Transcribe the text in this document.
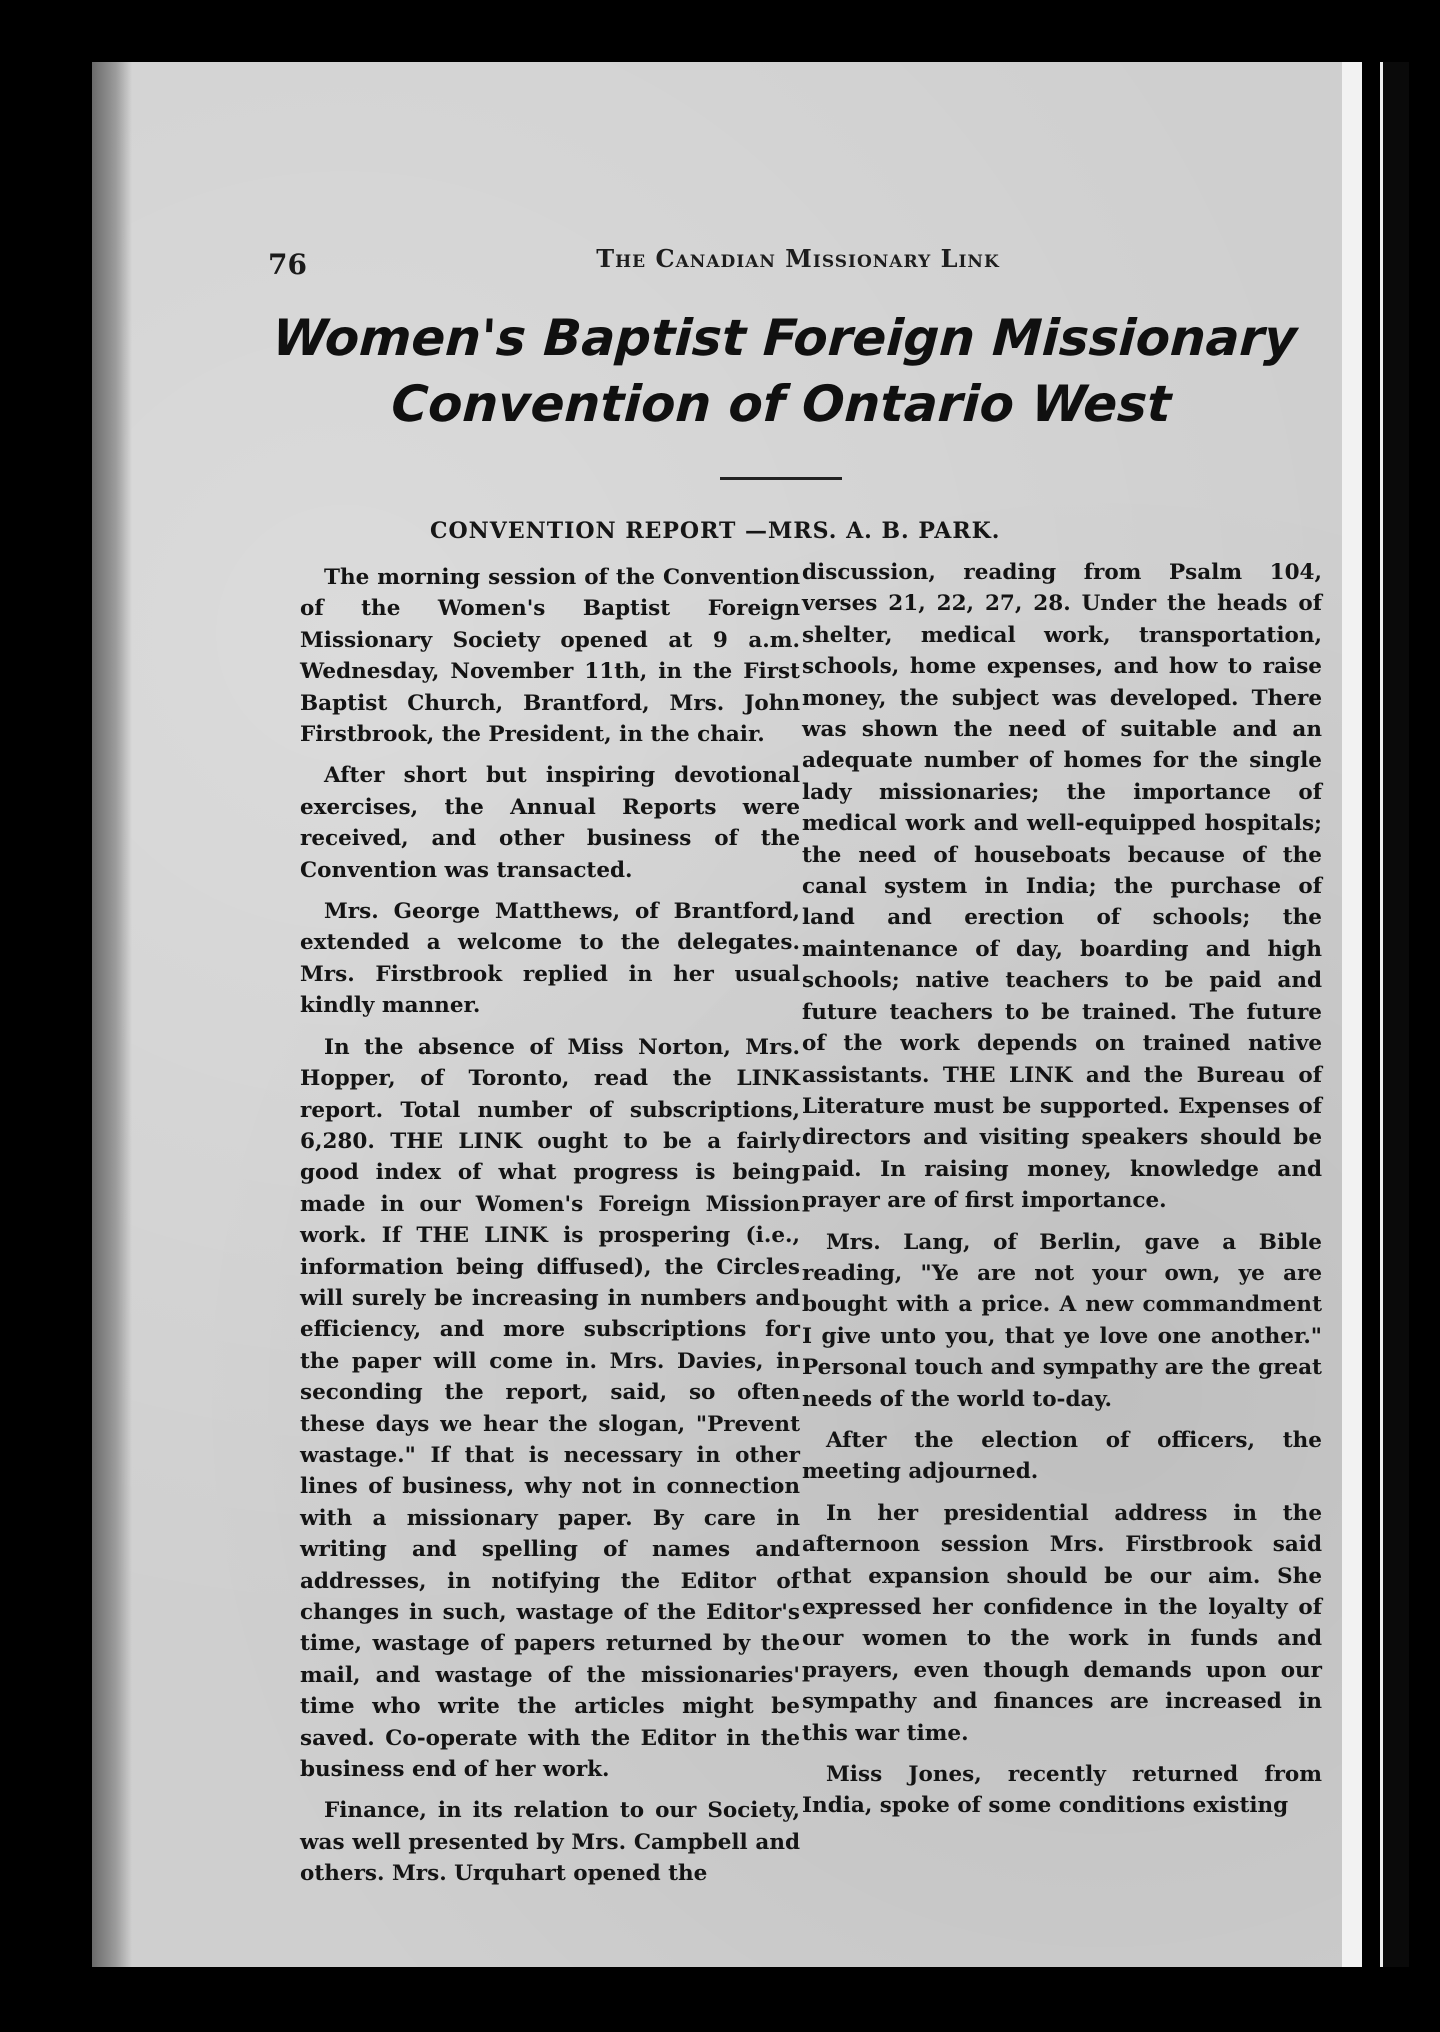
76	The Canadian Missionary Link
Women's Baptist Foreign Missionary
Convention of Ontario West
CONVENTION REPORT —MRS. A. B. PARK.

The morning session of the Convention of the Women's Baptist Foreign Missionary Society opened at 9 a.m. Wednesday, November 11th, in the First Baptist Church, Brantford, Mrs. John Firstbrook, the President, in the chair.

After short but inspiring devotional exercises, the Annual Reports were received, and other business of the Convention was transacted.

Mrs. George Matthews, of Brantford, extended a welcome to the delegates. Mrs. Firstbrook replied in her usual kindly manner.

In the absence of Miss Norton, Mrs. Hopper, of Toronto, read the LINK report. Total number of subscriptions, 6,280. THE LINK ought to be a fairly good index of what progress is being made in our Women's Foreign Mission work. If THE LINK is prospering (i.e., information being diffused), the Circles will surely be increasing in numbers and efficiency, and more subscriptions for the paper will come in. Mrs. Davies, in seconding the report, said, so often these days we hear the slogan, "Prevent wastage." If that is necessary in other lines of business, why not in connection with a missionary paper. By care in writing and spelling of names and addresses, in notifying the Editor of changes in such, wastage of the Editor's time, wastage of papers returned by the mail, and wastage of the missionaries' time who write the articles might be saved. Co-operate with the Editor in the business end of her work.

Finance, in its relation to our Society, was well presented by Mrs. Campbell and others. Mrs. Urquhart opened the

discussion, reading from Psalm 104, verses 21, 22, 27, 28. Under the heads of shelter, medical work, transportation, schools, home expenses, and how to raise money, the subject was developed. There was shown the need of suitable and an adequate number of homes for the single lady missionaries; the importance of medical work and well-equipped hospitals; the need of houseboats because of the canal system in India; the purchase of land and erection of schools; the maintenance of day, boarding and high schools; native teachers to be paid and future teachers to be trained. The future of the work depends on trained native assistants. THE LINK and the Bureau of Literature must be supported. Expenses of directors and visiting speakers should be paid. In raising money, knowledge and prayer are of first importance.

Mrs. Lang, of Berlin, gave a Bible reading, "Ye are not your own, ye are bought with a price. A new commandment I give unto you, that ye love one another." Personal touch and sympathy are the great needs of the world to-day.

After the election of officers, the meeting adjourned.

In her presidential address in the afternoon session Mrs. Firstbrook said that expansion should be our aim. She expressed her confidence in the loyalty of our women to the work in funds and prayers, even though demands upon our sympathy and finances are increased in this war time.

Miss Jones, recently returned from India, spoke of some conditions existing
